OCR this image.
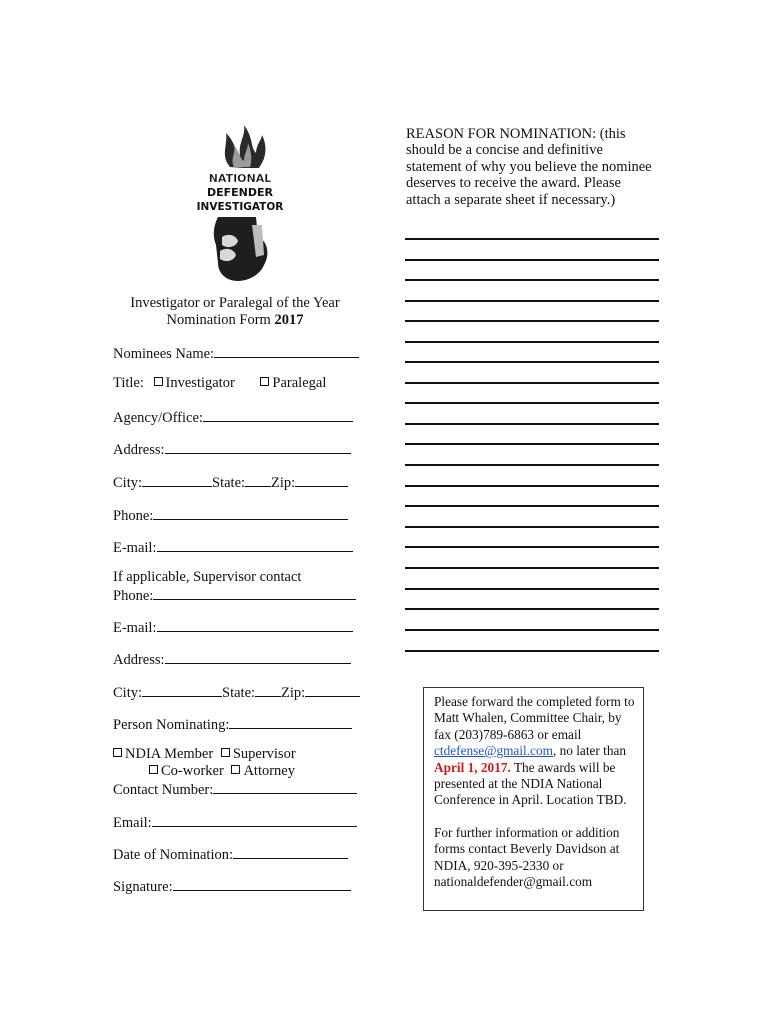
NATIONAL
DEFENDER
INVESTIGATOR
Investigator or Paralegal of the Year
Nomination Form 2017
Nominees Name:
Title: Investigator	Paralegal
Agency/Office:
Address:
City:	State: Zip:
Phone:
E-mail:
If applicable, Supervisor contact
Phone:
E-mail:
Address:
City:	State: Zip:
Person Nominating:
NDIA Member Supervisor
Co-worker Attorney
Contact Number:
Email:
Date of Nomination:
Signature:
REASON FOR NOMINATION: (this should be a concise and definitive statement of why you believe the nominee deserves to receive the award. Please attach a separate sheet if necessary.)

Please forward the completed form to Matt Whalen, Committee Chair, by fax (203)789-6863 or email ctdefense@gmail.com, no later than April 1, 2017. The awards will be presented at the NDIA National Conference in April. Location TBD.

For further information or addition forms contact Beverly Davidson at NDIA, 920-395-2330 or nationaldefender@gmail.com
